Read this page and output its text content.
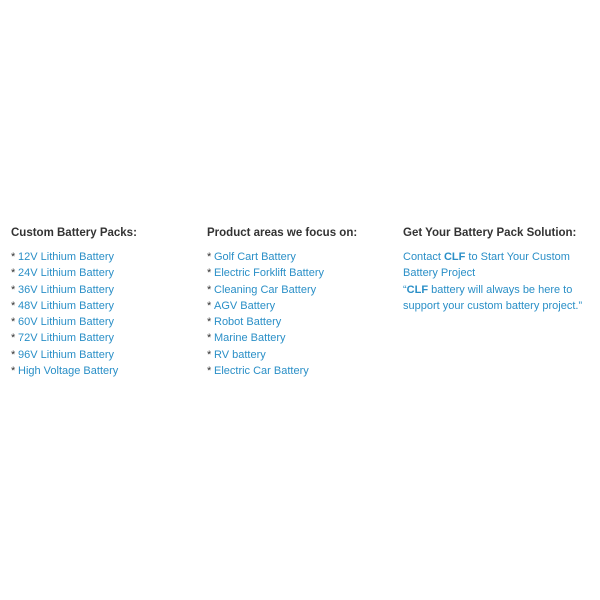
Custom Battery Packs:
* 12V Lithium Battery
* 24V Lithium Battery
* 36V Lithium Battery
* 48V Lithium Battery
* 60V Lithium Battery
* 72V Lithium Battery
* 96V Lithium Battery
* High Voltage Battery
Product areas we focus on:
* Golf Cart Battery
* Electric Forklift Battery
* Cleaning Car Battery
* AGV Battery
* Robot Battery
* Marine Battery
* RV battery
* Electric Car Battery
Get Your Battery Pack Solution:
Contact CLF to Start Your Custom
Battery Project
“CLF battery will always be here to
support your custom battery project.”
